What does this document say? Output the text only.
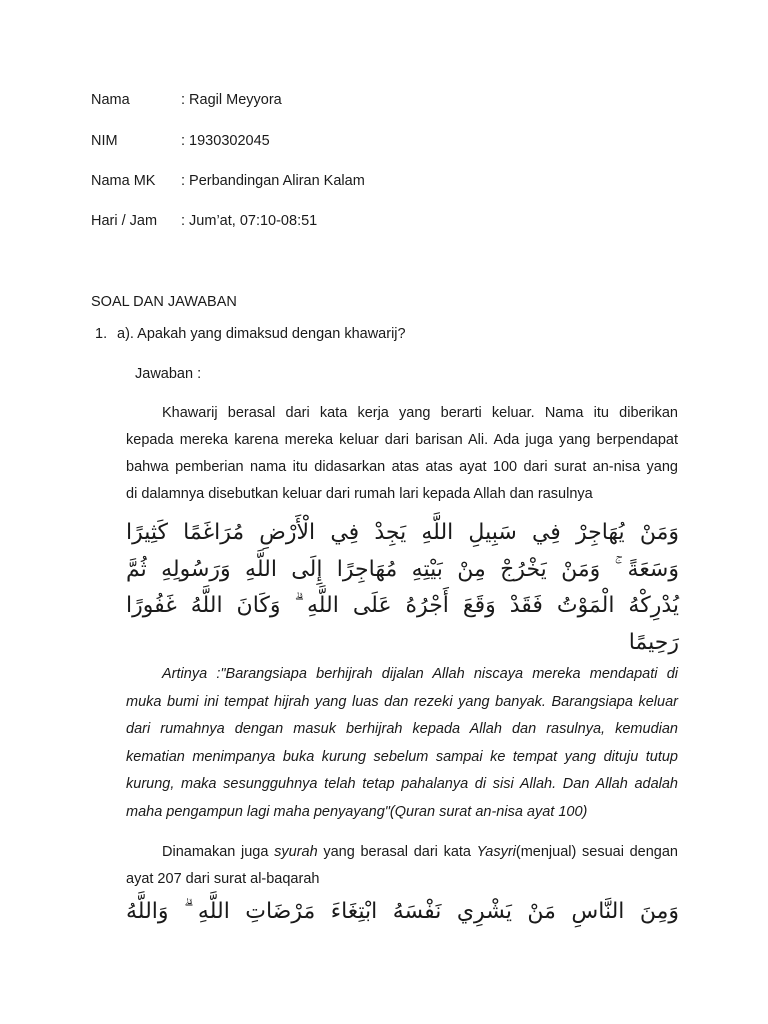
Nama	: Ragil Meyyora
NIM	: 1930302045
Nama MK : Perbandingan Aliran Kalam
Hari / Jam : Jum’at, 07:10-08:51
SOAL DAN JAWABAN
1. a). Apakah yang dimaksud dengan khawarij?
Jawaban :
Khawarij berasal dari kata kerja yang berarti keluar. Nama itu diberikan
kepada mereka karena mereka keluar dari barisan Ali. Ada juga yang berpendapat
bahwa pemberian nama itu didasarkan atas atas ayat 100 dari surat an-nisa yang
di dalamnya disebutkan keluar dari rumah lari kepada Allah dan rasulnya
وَمَنْ يُهَاجِرْ فِي سَبِيلِ اللَّهِ يَجِدْ فِي الْأَرْضِ مُرَاغَمًا كَثِيرًا
وَسَعَةً ۚ وَمَنْ يَخْرُجْ مِنْ بَيْتِهِ مُهَاجِرًا إِلَى اللَّهِ وَرَسُولِهِ ثُمَّ
يُدْرِكْهُ الْمَوْتُ فَقَدْ وَقَعَ أَجْرُهُ عَلَى اللَّهِ ۗ وَكَانَ اللَّهُ غَفُورًا
رَحِيمًا
Artinya :"Barangsiapa berhijrah dijalan Allah niscaya mereka mendapati di
muka bumi ini tempat hijrah yang luas dan rezeki yang banyak. Barangsiapa keluar
dari rumahnya dengan masuk berhijrah kepada Allah dan rasulnya, kemudian
kematian menimpanya buka kurung sebelum sampai ke tempat yang dituju tutup
kurung, maka sesungguhnya telah tetap pahalanya di sisi Allah. Dan Allah adalah
maha pengampun lagi maha penyayang"(Quran surat an-nisa ayat 100)
Dinamakan juga syurah yang berasal dari kata Yasyri(menjual) sesuai dengan
ayat 207 dari surat al-baqarah
وَمِنَ النَّاسِ مَنْ يَشْرِي نَفْسَهُ ابْتِغَاءَ مَرْضَاتِ اللَّهِ ۗ وَاللَّهُ
